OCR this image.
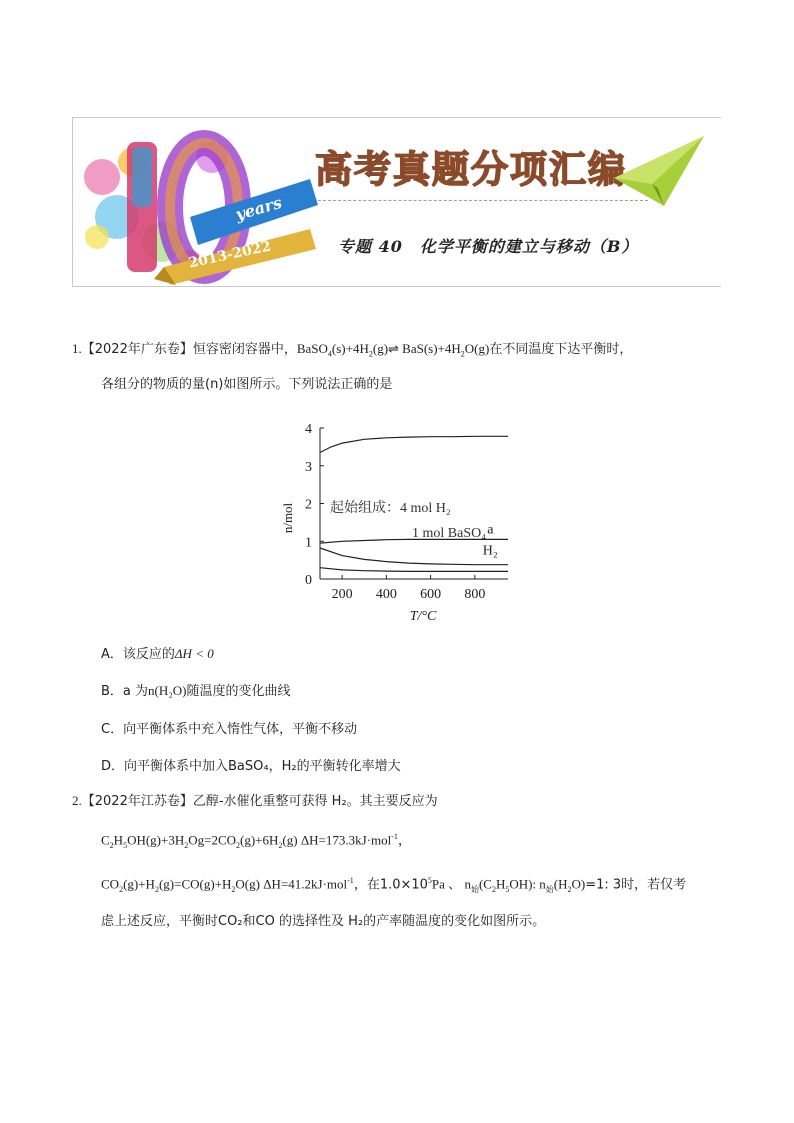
years
2013-2022
高考真题分项汇编
专题 40　化学平衡的建立与移动（B）
1.【2022年广东卷】恒容密闭容器中，$BaSO_4(s)+4H_2(g)\rightleftharpoons$ $BaS(s)+4H_2O(g)$在不同温度下达平衡时，
各组分的物质的量(n)如图所示。下列说法正确的是
n/mol
T/°C
起始组成：4 mol H₂
1 mol BaSO₄
0
1
2
3
4
200 400 600 800
a
H₂
A．该反应的ΔH < 0
B．a 为n(H₂O)随温度的变化曲线
C．向平衡体系中充入惰性气体，平衡不移动
D．向平衡体系中加入BaSO₄，H₂的平衡转化率增大
2.【2022年江苏卷】乙醇-水催化重整可获得 H₂。其主要反应为
$C_2H_5OH(g)+3H_2Og=2CO_2(g)+6H_2(g)$ ΔH=173.3kJ·mol$^{-1}$，
$CO_2(g)+H_2(g)=CO(g)+H_2O(g)$ ΔH=41.2kJ·mol$^{-1}$，在$1.0\times 10^5Pa$ 、 $n_始(C_2H_5OH)$: $n_始(H_2O)=1$: 3时，若仅考
虑上述反应，平衡时CO₂和CO 的选择性及 H₂的产率随温度的变化如图所示。
